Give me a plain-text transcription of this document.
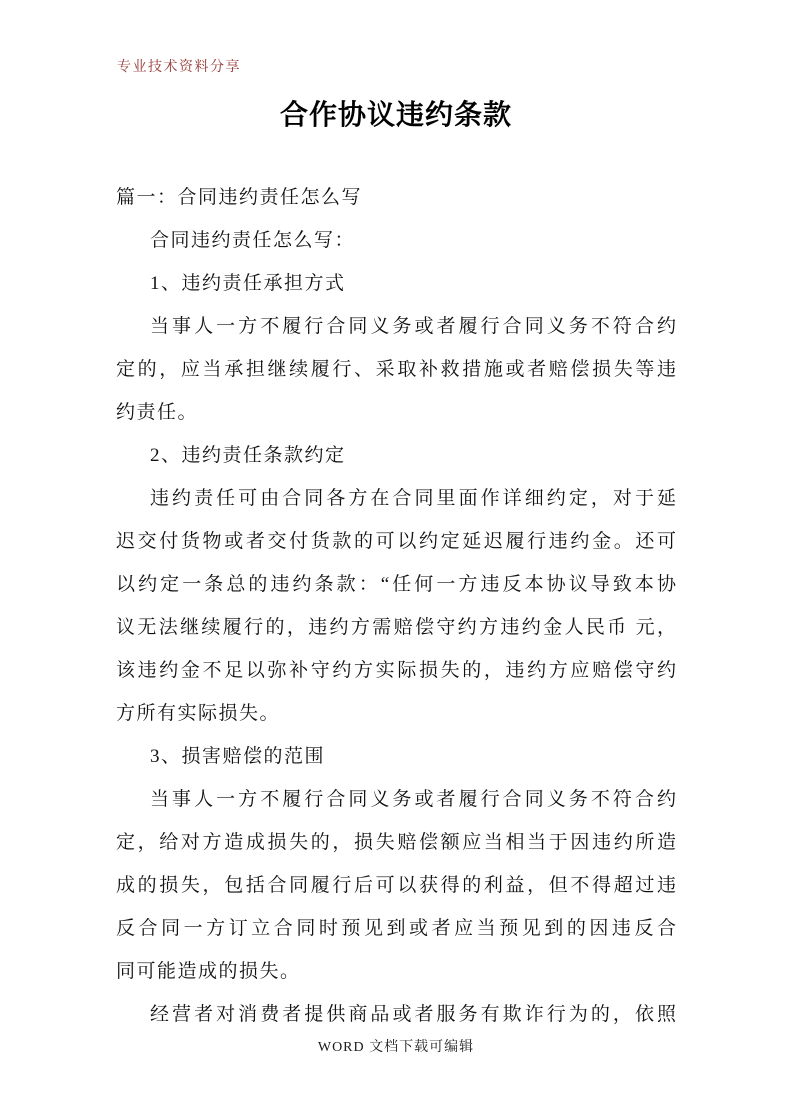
专业技术资料分享
合作协议违约条款
篇一：合同违约责任怎么写
合同违约责任怎么写：
1、违约责任承担方式
当事人一方不履行合同义务或者履行合同义务不符合约
定的，应当承担继续履行、采取补救措施或者赔偿损失等违
约责任。
2、违约责任条款约定
违约责任可由合同各方在合同里面作详细约定，对于延
迟交付货物或者交付货款的可以约定延迟履行违约金。还可
以约定一条总的违约条款：“任何一方违反本协议导致本协
议无法继续履行的，违约方需赔偿守约方违约金人民币 元，
该违约金不足以弥补守约方实际损失的，违约方应赔偿守约
方所有实际损失。
3、损害赔偿的范围
当事人一方不履行合同义务或者履行合同义务不符合约
定，给对方造成损失的，损失赔偿额应当相当于因违约所造
成的损失，包括合同履行后可以获得的利益，但不得超过违
反合同一方订立合同时预见到或者应当预见到的因违反合
同可能造成的损失。
经营者对消费者提供商品或者服务有欺诈行为的，依照
WORD 文档下载可编辑
